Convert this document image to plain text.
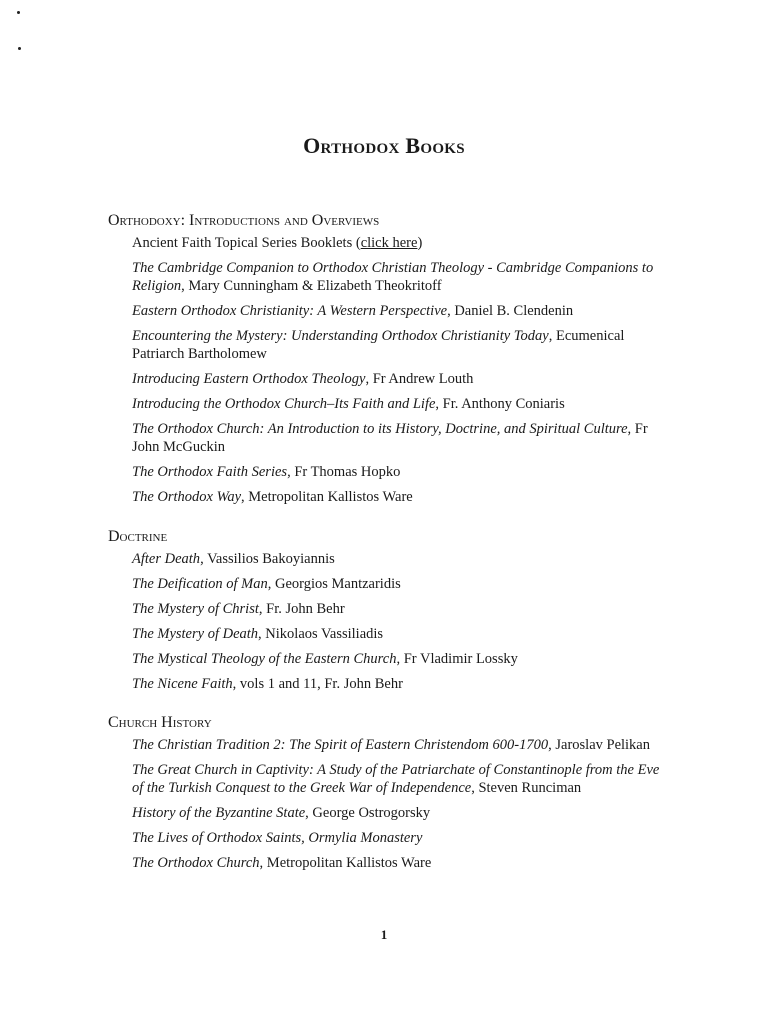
Orthodox Books
Orthodoxy: Introductions and Overviews
Ancient Faith Topical Series Booklets (click here)
The Cambridge Companion to Orthodox Christian Theology - Cambridge Companions to Religion, Mary Cunningham & Elizabeth Theokritoff
Eastern Orthodox Christianity: A Western Perspective, Daniel B. Clendenin
Encountering the Mystery: Understanding Orthodox Christianity Today, Ecumenical Patriarch Bartholomew
Introducing Eastern Orthodox Theology, Fr Andrew Louth
Introducing the Orthodox Church–Its Faith and Life, Fr. Anthony Coniaris
The Orthodox Church: An Introduction to its History, Doctrine, and Spiritual Culture, Fr John McGuckin
The Orthodox Faith Series, Fr Thomas Hopko
The Orthodox Way, Metropolitan Kallistos Ware
Doctrine
After Death, Vassilios Bakoyiannis
The Deification of Man, Georgios Mantzaridis
The Mystery of Christ, Fr. John Behr
The Mystery of Death, Nikolaos Vassiliadis
The Mystical Theology of the Eastern Church, Fr Vladimir Lossky
The Nicene Faith, vols 1 and 11, Fr. John Behr
Church History
The Christian Tradition 2: The Spirit of Eastern Christendom 600-1700, Jaroslav Pelikan
The Great Church in Captivity: A Study of the Patriarchate of Constantinople from the Eve of the Turkish Conquest to the Greek War of Independence, Steven Runciman
History of the Byzantine State, George Ostrogorsky
The Lives of Orthodox Saints, Ormylia Monastery
The Orthodox Church, Metropolitan Kallistos Ware
1
